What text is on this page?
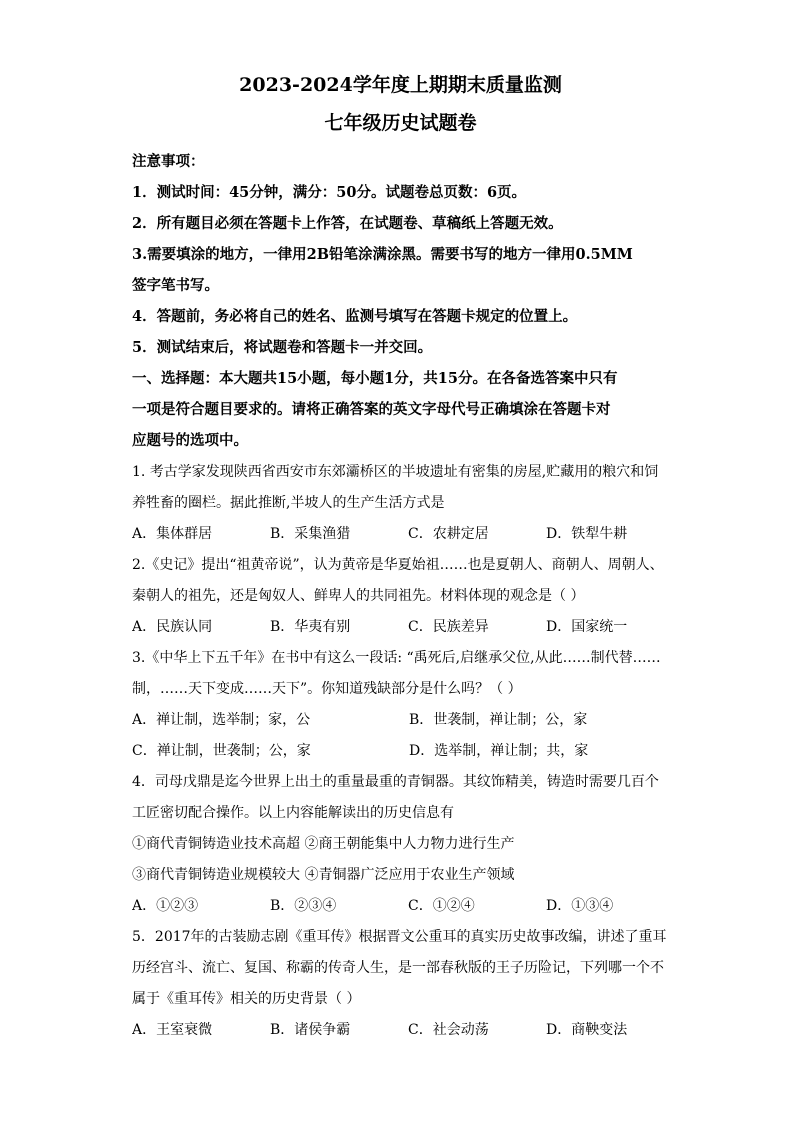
2023-2024学年度上期期末质量监测
七年级历史试题卷
注意事项：
1．测试时间：45分钟，满分：50分。试题卷总页数：6页。
2．所有题目必须在答题卡上作答，在试题卷、草稿纸上答题无效。
3.需要填涂的地方，一律用2B铅笔涂满涂黑。需要书写的地方一律用0.5MM
签字笔书写。
4．答题前，务必将自己的姓名、监测号填写在答题卡规定的位置上。
5．测试结束后，将试题卷和答题卡一并交回。
一、选择题：本大题共15小题，每小题1分，共15分。在各备选答案中只有
一项是符合题目要求的。请将正确答案的英文字母代号正确填涂在答题卡对
应题号的选项中。
1. 考古学家发现陕西省西安市东郊灞桥区的半坡遗址有密集的房屋,贮藏用的粮穴和饲
养牲畜的圈栏。据此推断,半坡人的生产生活方式是
A．集体群居	B．采集渔猎	C．农耕定居	D．铁犁牛耕
2.《史记》提出“祖黄帝说”，认为黄帝是华夏始祖……也是夏朝人、商朝人、周朝人、
秦朝人的祖先，还是匈奴人、鲜卑人的共同祖先。材料体现的观念是（ ）
A．民族认同	B．华夷有别	C．民族差异	D．国家统一
3.《中华上下五千年》在书中有这么一段话: “禹死后,启继承父位,从此……制代替……
制，……天下变成……天下”。你知道残缺部分是什么吗？（ ）
A．禅让制，选举制；家，公	B．世袭制，禅让制；公，家
C．禅让制，世袭制；公，家	D．选举制，禅让制；共，家
4．司母戊鼎是迄今世界上出土的重量最重的青铜器。其纹饰精美，铸造时需要几百个
工匠密切配合操作。以上内容能解读出的历史信息有
①商代青铜铸造业技术高超 ②商王朝能集中人力物力进行生产
③商代青铜铸造业规模较大 ④青铜器广泛应用于农业生产领域
A．①②③	B．②③④	C．①②④	D．①③④
5．2017年的古装励志剧《重耳传》根据晋文公重耳的真实历史故事改编，讲述了重耳
历经宫斗、流亡、复国、称霸的传奇人生，是一部春秋版的王子历险记，下列哪一个不
属于《重耳传》相关的历史背景（ ）
A．王室衰微	B．诸侯争霸	C．社会动荡	D．商鞅变法
